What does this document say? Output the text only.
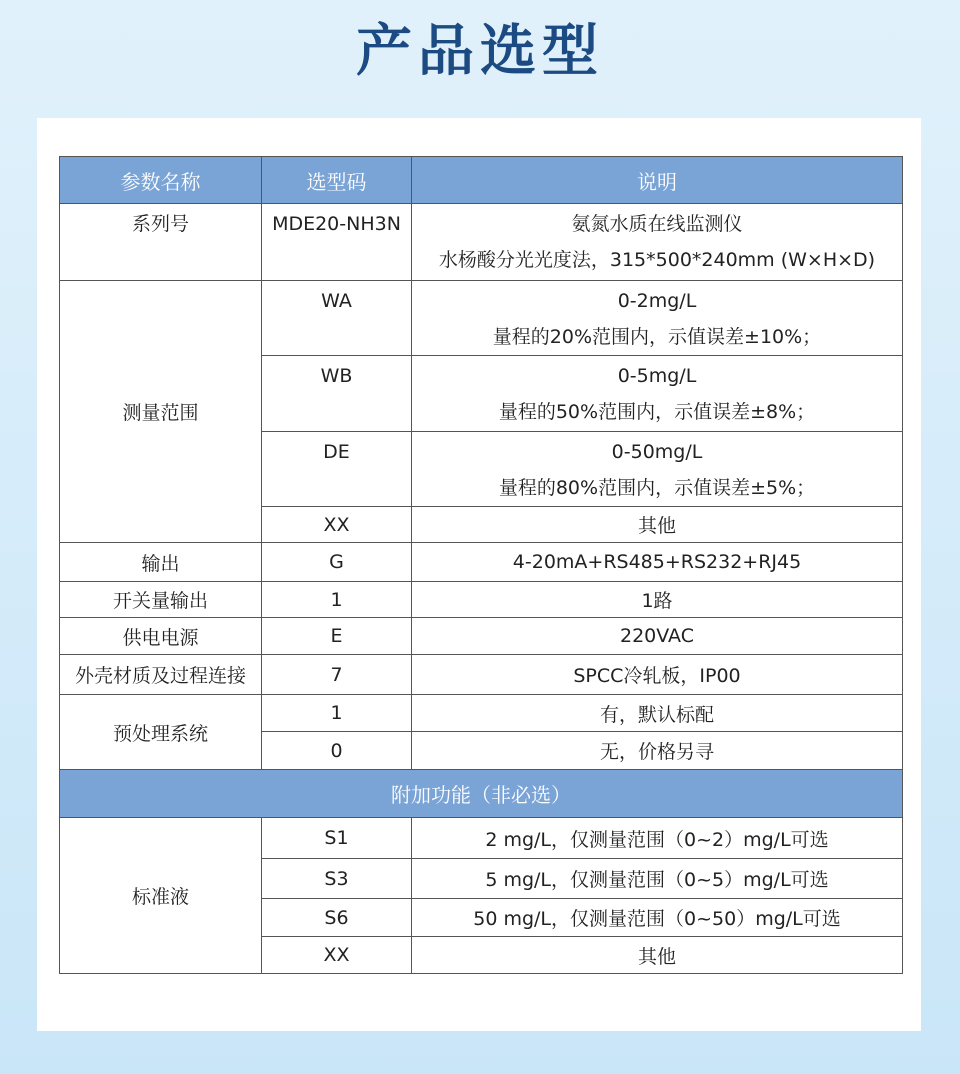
产品选型
参数名称	选型码	说明

系列号	MDE20-NH3N	氨氮水质在线监测仪
水杨酸分光光度法，315*500*240mm (W×H×D)

测量范围	WA	0-2mg/L
量程的20%范围内，示值误差±10%；

	WB	0-5mg/L
量程的50%范围内，示值误差±8%；

	DE	0-50mg/L
量程的80%范围内，示值误差±5%；

	XX	其他
输出	G	4-20mA+RS485+RS232+RJ45
开关量输出	1	1路
供电电源	E	220VAC
外壳材质及过程连接	7	SPCC冷轧板，IP00
预处理系统	1	有，默认标配
	0	无，价格另寻
附加功能（非必选）		
标准液	S1	2 mg/L，仅测量范围（0~2）mg/L可选
	S3	5 mg/L，仅测量范围（0~5）mg/L可选
	S6	50 mg/L，仅测量范围（0~50）mg/L可选
	XX	其他
